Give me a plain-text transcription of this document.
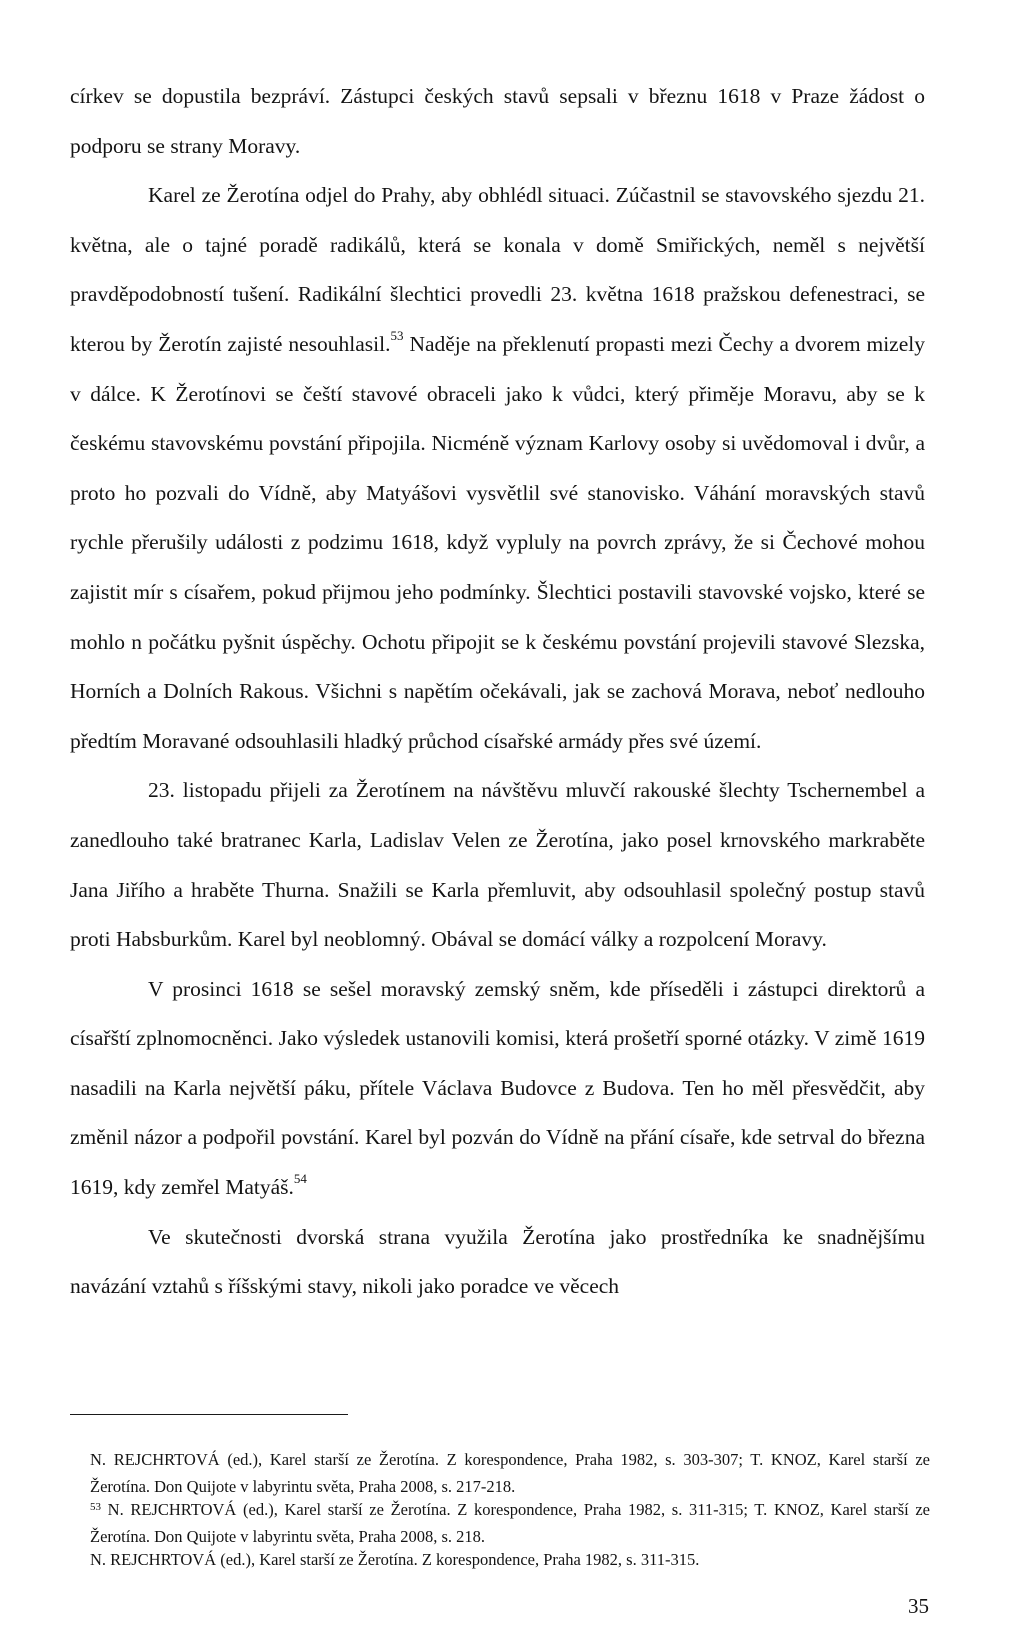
církev se dopustila bezpráví. Zástupci českých stavů sepsali v březnu 1618 v Praze žádost o podporu se strany Moravy.

Karel ze Žerotína odjel do Prahy, aby obhlédl situaci. Zúčastnil se stavovského sjezdu 21. května, ale o tajné poradě radikálů, která se konala v domě Smiřických, neměl s největší pravděpodobností tušení. Radikální šlechtici provedli 23. května 1618 pražskou defenestraci, se kterou by Žerotín zajisté nesouhlasil.$^{53}$ Naděje na překlenutí propasti mezi Čechy a dvorem mizely v dálce. K Žerotínovi se čeští stavové obraceli jako k vůdci, který přiměje Moravu, aby se k českému stavovskému povstání připojila. Nicméně význam Karlovy osoby si uvědomoval i dvůr, a proto ho pozvali do Vídně, aby Matyášovi vysvětlil své stanovisko. Váhání moravských stavů rychle přerušily události z podzimu 1618, když vypluly na povrch zprávy, že si Čechové mohou zajistit mír s císařem, pokud přijmou jeho podmínky. Šlechtici postavili stavovské vojsko, které se mohlo n počátku pyšnit úspěchy. Ochotu připojit se k českému povstání projevili stavové Slezska, Horních a Dolních Rakous. Všichni s napětím očekávali, jak se zachová Morava, neboť nedlouho předtím Moravané odsouhlasili hladký průchod císařské armády přes své území.

23. listopadu přijeli za Žerotínem na návštěvu mluvčí rakouské šlechty Tschernembel a zanedlouho také bratranec Karla, Ladislav Velen ze Žerotína, jako posel krnovského markraběte Jana Jiřího a hraběte Thurna. Snažili se Karla přemluvit, aby odsouhlasil společný postup stavů proti Habsburkům. Karel byl neoblomný. Obával se domácí války a rozpolcení Moravy.

V prosinci 1618 se sešel moravský zemský sněm, kde příseděli i zástupci direktorů a císařští zplnomocněnci. Jako výsledek ustanovili komisi, která prošetří sporné otázky. V zimě 1619 nasadili na Karla největší páku, přítele Václava Budovce z Budova. Ten ho měl přesvědčit, aby změnil názor a podpořil povstání. Karel byl pozván do Vídně na přání císaře, kde setrval do března 1619, kdy zemřel Matyáš.$^{54}$

Ve skutečnosti dvorská strana využila Žerotína jako prostředníka ke snadnějšímu navázání vztahů s říšskými stavy, nikoli jako poradce ve věcech

N. REJCHRTOVÁ (ed.), Karel starší ze Žerotína. Z korespondence, Praha 1982, s. 303-307; T. KNOZ, Karel starší ze Žerotína. Don Quijote v labyrintu světa, Praha 2008, s. 217-218.

$^{53}$ N. REJCHRTOVÁ (ed.), Karel starší ze Žerotína. Z korespondence, Praha 1982, s. 311-315; T. KNOZ, Karel starší ze Žerotína. Don Quijote v labyrintu světa, Praha 2008, s. 218.

N. REJCHRTOVÁ (ed.), Karel starší ze Žerotína. Z korespondence, Praha 1982, s. 311-315.

35
